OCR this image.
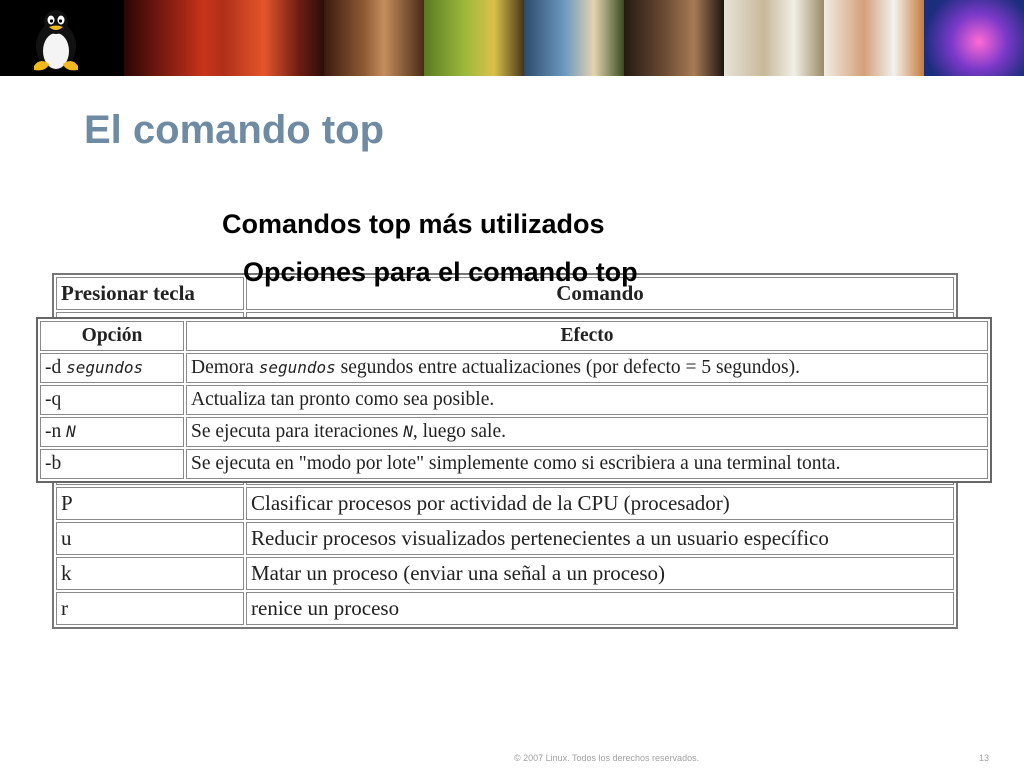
El comando top
Comandos top más utilizados
Opciones para el comando top
Presionar tecla	Comando

P	Clasificar procesos por actividad de la CPU (procesador)
u	Reducir procesos visualizados pertenecientes a un usuario específico
k	Matar un proceso (enviar una señal a un proceso)
r	renice un proceso
Opción	Efecto
-d segundos	Demora segundos segundos entre actualizaciones (por defecto = 5 segundos).
-q	Actualiza tan pronto como sea posible.
-n N	Se ejecuta para iteraciones N, luego sale.
-b	Se ejecuta en "modo por lote" simplemente como si escribiera a una terminal tonta.
© 2007 Linux. Todos los derechos reservados.	13
